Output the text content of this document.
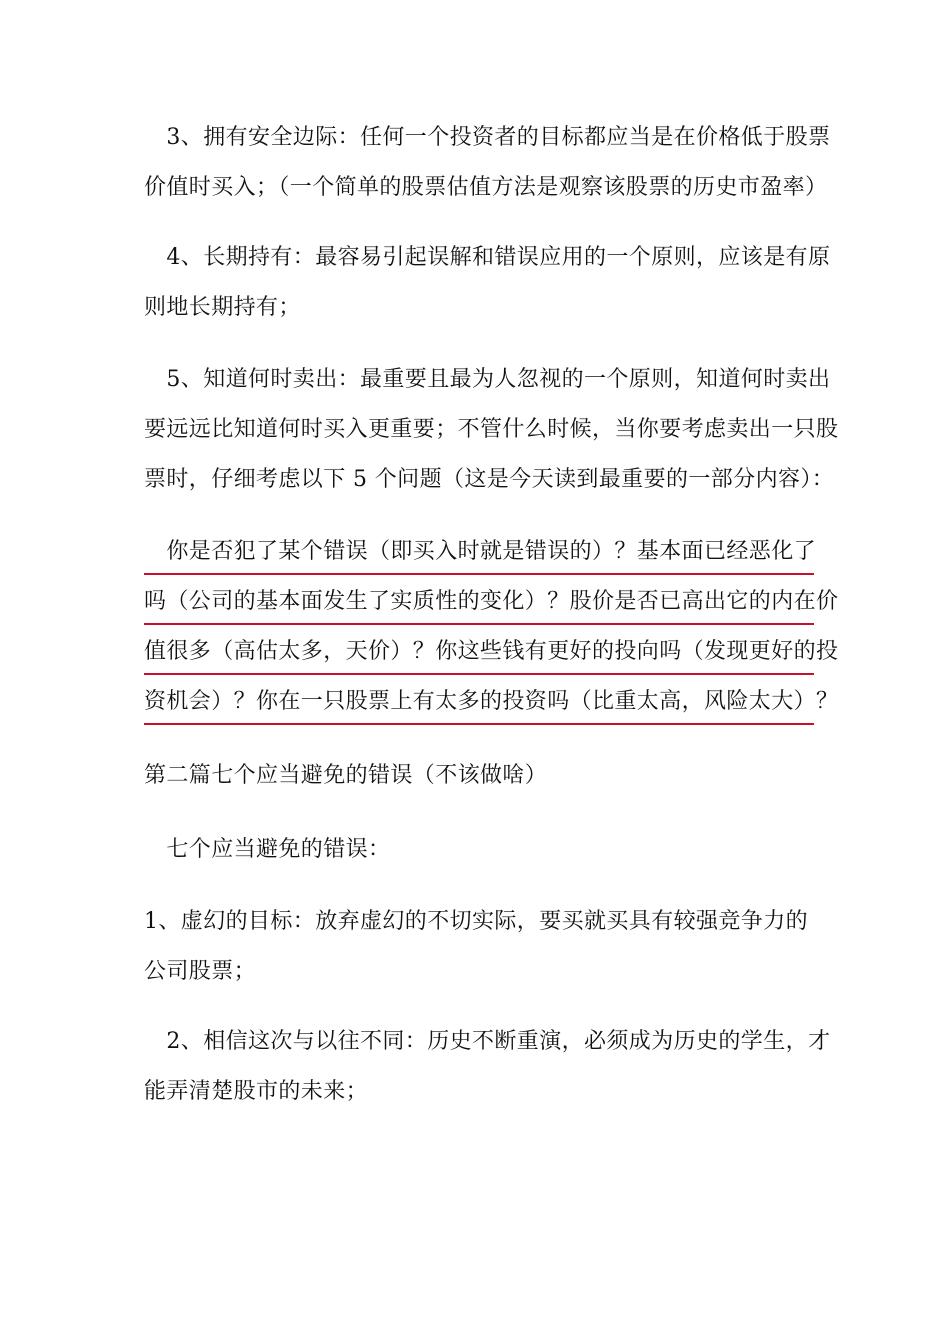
　3、拥有安全边际：任何一个投资者的目标都应当是在价格低于股票
价值时买入；（一个简单的股票估值方法是观察该股票的历史市盈率）
　4、长期持有：最容易引起误解和错误应用的一个原则，应该是有原
则地长期持有；
　5、知道何时卖出：最重要且最为人忽视的一个原则，知道何时卖出
要远远比知道何时买入更重要；不管什么时候，当你要考虑卖出一只股
票时，仔细考虑以下 5 个问题（这是今天读到最重要的一部分内容）：
　你是否犯了某个错误（即买入时就是错误的）？基本面已经恶化了
吗（公司的基本面发生了实质性的变化）？股价是否已高出它的内在价
值很多（高估太多，天价）？你这些钱有更好的投向吗（发现更好的投
资机会）？你在一只股票上有太多的投资吗（比重太高，风险太大）？
第二篇七个应当避免的错误（不该做啥）
　七个应当避免的错误：
1、虚幻的目标：放弃虚幻的不切实际，要买就买具有较强竞争力的
公司股票；
　2、相信这次与以往不同：历史不断重演，必须成为历史的学生，才
能弄清楚股市的未来；
